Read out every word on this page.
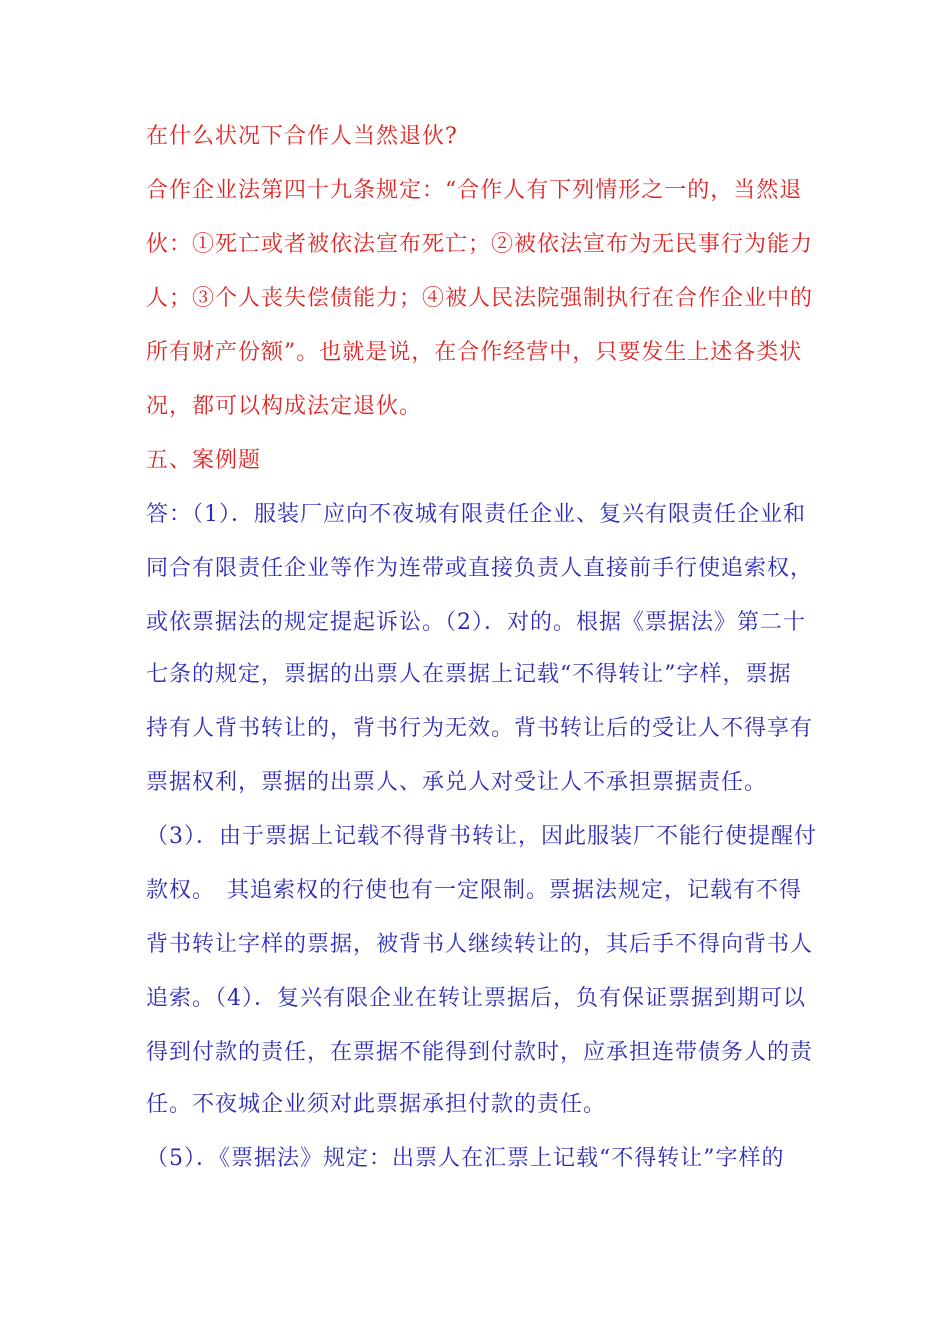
在什么状况下合作人当然退伙?
合作企业法第四十九条规定：“合作人有下列情形之一的，当然退
伙：①死亡或者被依法宣布死亡；②被依法宣布为无民事行为能力
人；③个人丧失偿债能力；④被人民法院强制执行在合作企业中的
所有财产份额”。也就是说，在合作经营中，只要发生上述各类状
况，都可以构成法定退伙。
五、案例题
答：（1）．服装厂应向不夜城有限责任企业、复兴有限责任企业和
同合有限责任企业等作为连带或直接负责人直接前手行使追索权，
或依票据法的规定提起诉讼。（2）．对的。根据《票据法》第二十
七条的规定，票据的出票人在票据上记载“不得转让”字样，票据
持有人背书转让的，背书行为无效。背书转让后的受让人不得享有
票据权利，票据的出票人、承兑人对受让人不承担票据责任。
（3）．由于票据上记载不得背书转让，因此服装厂不能行使提醒付
款权。　其追索权的行使也有一定限制。票据法规定，记载有不得
背书转让字样的票据，被背书人继续转让的，其后手不得向背书人
追索。（4）．复兴有限企业在转让票据后，负有保证票据到期可以
得到付款的责任，在票据不能得到付款时，应承担连带债务人的责
任。不夜城企业须对此票据承担付款的责任。
（5）．《票据法》规定：出票人在汇票上记载“不得转让”字样的
